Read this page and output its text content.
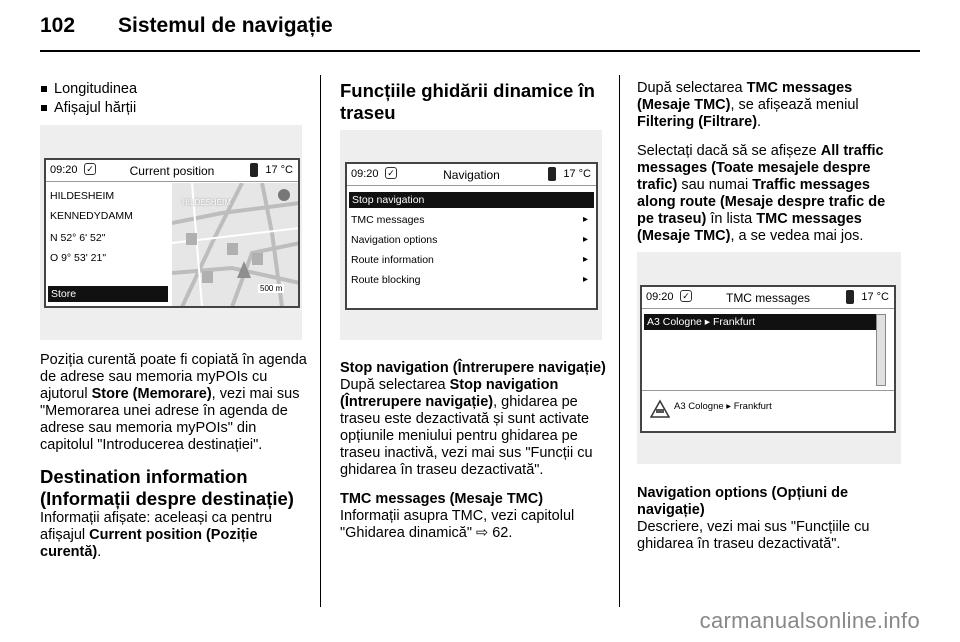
102 Sistemul de navigație
Longitudinea
Afișajul hărții
09:20 ✓	Current position	17 °C
HILDESHEIM
KENNEDYDAMM
N 52° 6' 52"
O 9° 53' 21"
Store
HILDESHEIM
500 m

Poziția curentă poate fi copiată în agenda de adrese sau memoria myPOIs cu ajutorul Store (Memorare), vezi mai sus "Memorarea unei adrese în agenda de adrese sau memoria myPOIs" din capitolul "Introducerea destinației".

Destination information (Informații despre destinație)

Informații afișate: aceleași ca pentru afișajul Current position (Poziție curentă).

Funcțiile ghidării dinamice în traseu
09:20 ✓	Navigation	17 °C
Stop navigation
TMC messages	▸
Navigation options	▸
Route information	▸
Route blocking	▸
Stop navigation (Întrerupere navigație)

După selectarea Stop navigation (Întrerupere navigație), ghidarea pe traseu este dezactivată și sunt activate opțiunile meniului pentru ghidarea pe traseu inactivă, vezi mai sus "Funcții cu ghidarea în traseu dezactivată".

TMC messages (Mesaje TMC)

Informații asupra TMC, vezi capitolul "Ghidarea dinamică" ⇨ 62.

După selectarea TMC messages (Mesaje TMC), se afișează meniul Filtering (Filtrare).

Selectați dacă să se afișeze All traffic messages (Toate mesajele despre trafic) sau numai Traffic messages along route (Mesaje despre trafic de pe traseu) în lista TMC messages (Mesaje TMC), a se vedea mai jos.

09:20 ✓	TMC messages	17 °C
A3 Cologne ▸ Frankfurt
A3 Cologne ▸ Frankfurt
Navigation options (Opțiuni de navigație)

Descriere, vezi mai sus "Funcțiile cu ghidarea în traseu dezactivată".

carmanualsonline.info
